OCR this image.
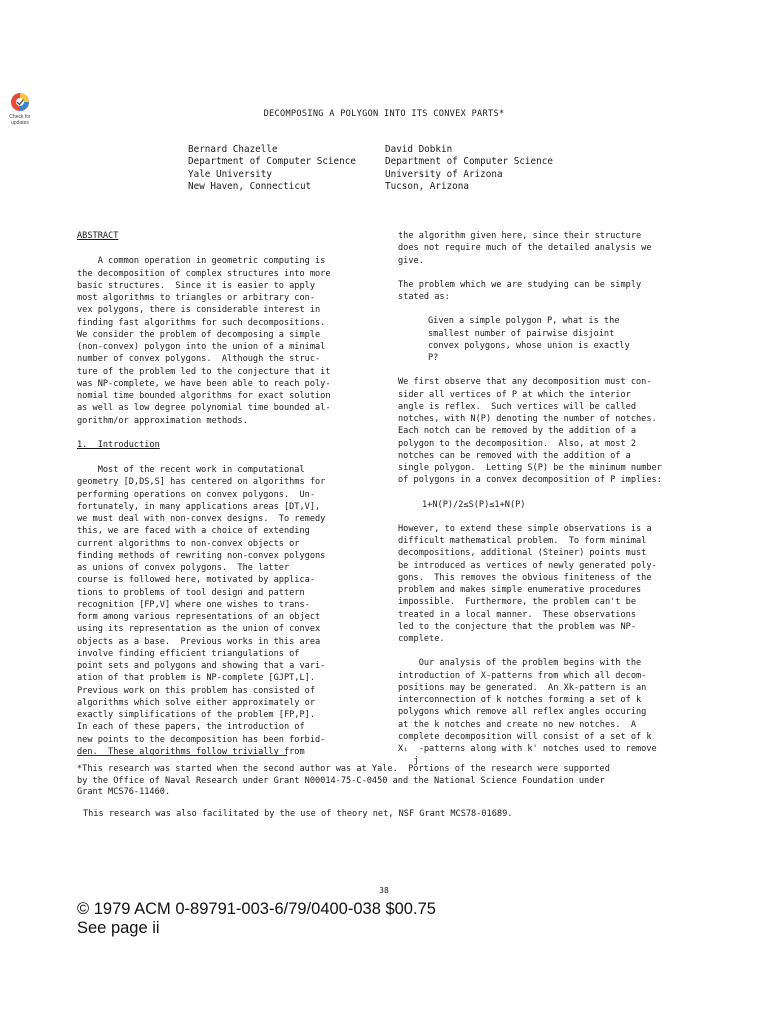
Check for
updates
DECOMPOSING A POLYGON INTO ITS CONVEX PARTS*
Bernard Chazelle
Department of Computer Science
Yale University
New Haven, Connecticut
David Dobkin
Department of Computer Science
University of Arizona
Tucson, Arizona
ABSTRACT
A common operation in geometric computing is
the decomposition of complex structures into more
basic structures.  Since it is easier to apply
most algorithms to triangles or arbitrary con-
vex polygons, there is considerable interest in
finding fast algorithms for such decompositions.
We consider the problem of decomposing a simple
(non-convex) polygon into the union of a minimal
number of convex polygons.  Although the struc-
ture of the problem led to the conjecture that it
was NP-complete, we have been able to reach poly-
nomial time bounded algorithms for exact solution
as well as low degree polynomial time bounded al-
gorithm/or approximation methods.
1.  Introduction
Most of the recent work in computational
geometry [D,DS,S] has centered on algorithms for
performing operations on convex polygons.  Un-
fortunately, in many applications areas [DT,V],
we must deal with non-convex designs.  To remedy
this, we are faced with a choice of extending
current algorithms to non-convex objects or
finding methods of rewriting non-convex polygons
as unions of convex polygons.  The latter
course is followed here, motivated by applica-
tions to problems of tool design and pattern
recognition [FP,V] where one wishes to trans-
form among various representations of an object
using its representation as the union of convex
objects as a base.  Previous works in this area
involve finding efficient triangulations of
point sets and polygons and showing that a vari-
ation of that problem is NP-complete [GJPT,L].
Previous work on this problem has consisted of
algorithms which solve either approximately or
exactly simplifications of the problem [FP,P].
In each of these papers, the introduction of
new points to the decomposition has been forbid-
den.  These algorithms follow trivially from
the algorithm given here, since their structure
does not require much of the detailed analysis we
give.
The problem which we are studying can be simply
stated as:
Given a simple polygon P, what is the
smallest number of pairwise disjoint
convex polygons, whose union is exactly
P?
We first observe that any decomposition must con-
sider all vertices of P at which the interior
angle is reflex.  Such vertices will be called
notches, with N(P) denoting the number of notches.
Each notch can be removed by the addition of a
polygon to the decomposition.  Also, at most 2
notches can be removed with the addition of a
single polygon.  Letting S(P) be the minimum number
of polygons in a convex decomposition of P implies:
1+N(P)/2≤S(P)≤1+N(P)
However, to extend these simple observations is a
difficult mathematical problem.  To form minimal
decompositions, additional (Steiner) points must
be introduced as vertices of newly generated poly-
gons.  This removes the obvious finiteness of the
problem and makes simple enumerative procedures
impossible.  Furthermore, the problem can't be
treated in a local manner.  These observations
led to the conjecture that the problem was NP-
complete.
Our analysis of the problem begins with the
introduction of X-patterns from which all decom-
positions may be generated.  An Xk-pattern is an
interconnection of k notches forming a set of k
polygons which remove all reflex angles occuring
at the k notches and create no new notches.  A
complete decomposition will consist of a set of k
Xᵢ  -patterns along with k' notches used to remove
j
*This research was started when the second author was at Yale.  Portions of the research were supported
by the Office of Naval Research under Grant N00014-75-C-0450 and the National Science Foundation under
Grant MCS76-11460.
This research was also facilitated by the use of theory net, NSF Grant MCS78-01689.
38
© 1979 ACM 0-89791-003-6/79/0400-038 $00.75
See page ii
